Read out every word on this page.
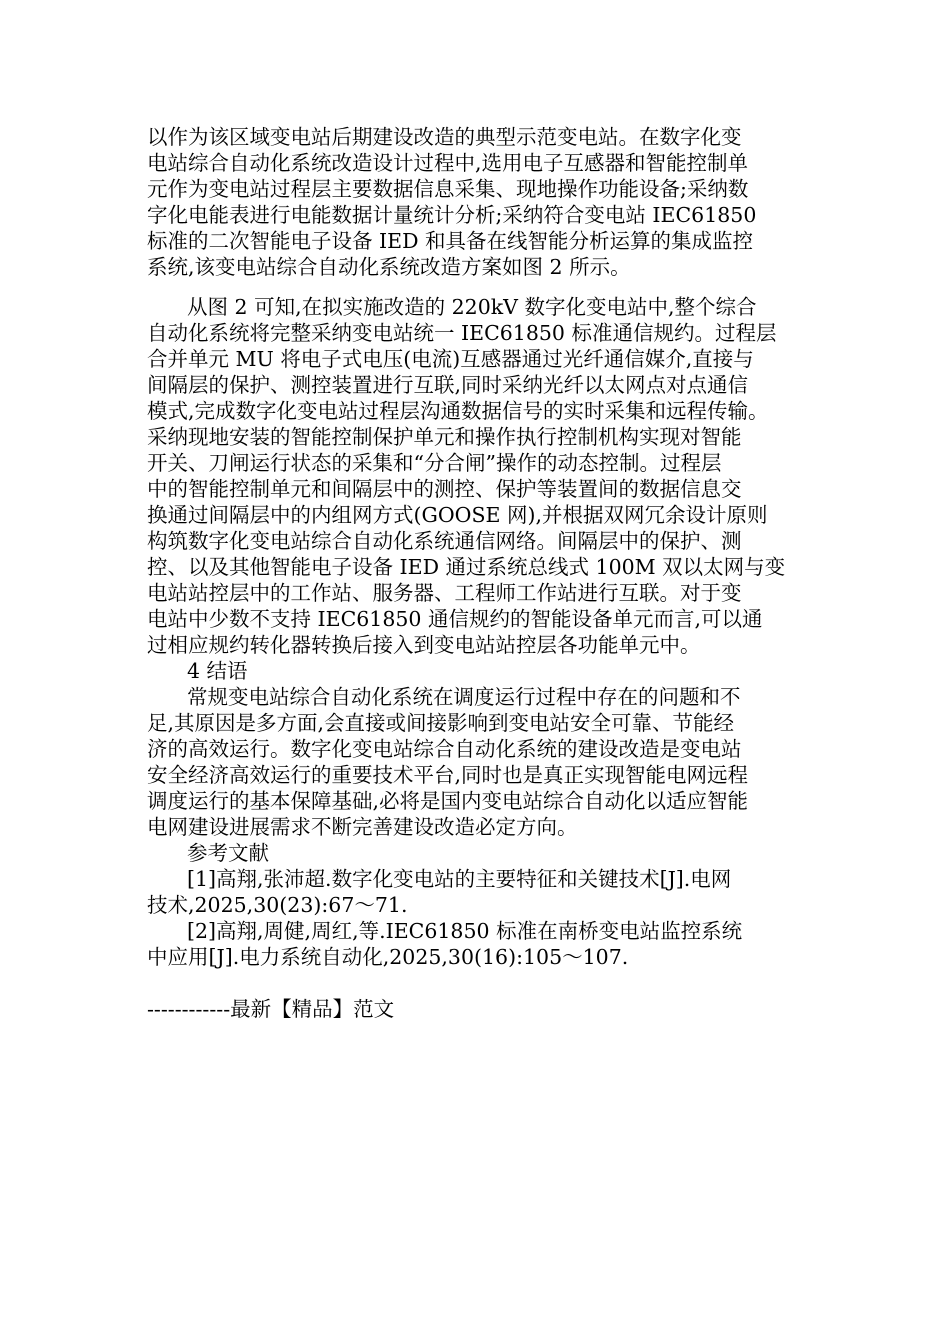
以作为该区域变电站后期建设改造的典型示范变电站。在数字化变
电站综合自动化系统改造设计过程中,选用电子互感器和智能控制单
元作为变电站过程层主要数据信息采集、现地操作功能设备;采纳数
字化电能表进行电能数据计量统计分析;采纳符合变电站 IEC61850
标准的二次智能电子设备 IED 和具备在线智能分析运算的集成监控
系统,该变电站综合自动化系统改造方案如图 2 所示。
从图 2 可知,在拟实施改造的 220kV 数字化变电站中,整个综合
自动化系统将完整采纳变电站统一 IEC61850 标准通信规约。过程层
合并单元 MU 将电子式电压(电流)互感器通过光纤通信媒介,直接与
间隔层的保护、测控装置进行互联,同时采纳光纤以太网点对点通信
模式,完成数字化变电站过程层沟通数据信号的实时采集和远程传输。
采纳现地安装的智能控制保护单元和操作执行控制机构实现对智能
开关、刀闸运行状态的采集和“分合闸”操作的动态控制。过程层
中的智能控制单元和间隔层中的测控、保护等装置间的数据信息交
换通过间隔层中的内组网方式(GOOSE 网),并根据双网冗余设计原则
构筑数字化变电站综合自动化系统通信网络。间隔层中的保护、测
控、以及其他智能电子设备 IED 通过系统总线式 100M 双以太网与变
电站站控层中的工作站、服务器、工程师工作站进行互联。对于变
电站中少数不支持 IEC61850 通信规约的智能设备单元而言,可以通
过相应规约转化器转换后接入到变电站站控层各功能单元中。
4 结语
常规变电站综合自动化系统在调度运行过程中存在的问题和不
足,其原因是多方面,会直接或间接影响到变电站安全可靠、节能经
济的高效运行。数字化变电站综合自动化系统的建设改造是变电站
安全经济高效运行的重要技术平台,同时也是真正实现智能电网远程
调度运行的基本保障基础,必将是国内变电站综合自动化以适应智能
电网建设进展需求不断完善建设改造必定方向。
参考文献
[1]高翔,张沛超.数字化变电站的主要特征和关键技术[J].电网
技术,2025,30(23):67～71.
[2]高翔,周健,周红,等.IEC61850 标准在南桥变电站监控系统
中应用[J].电力系统自动化,2025,30(16):105～107.
------------最新【精品】范文
